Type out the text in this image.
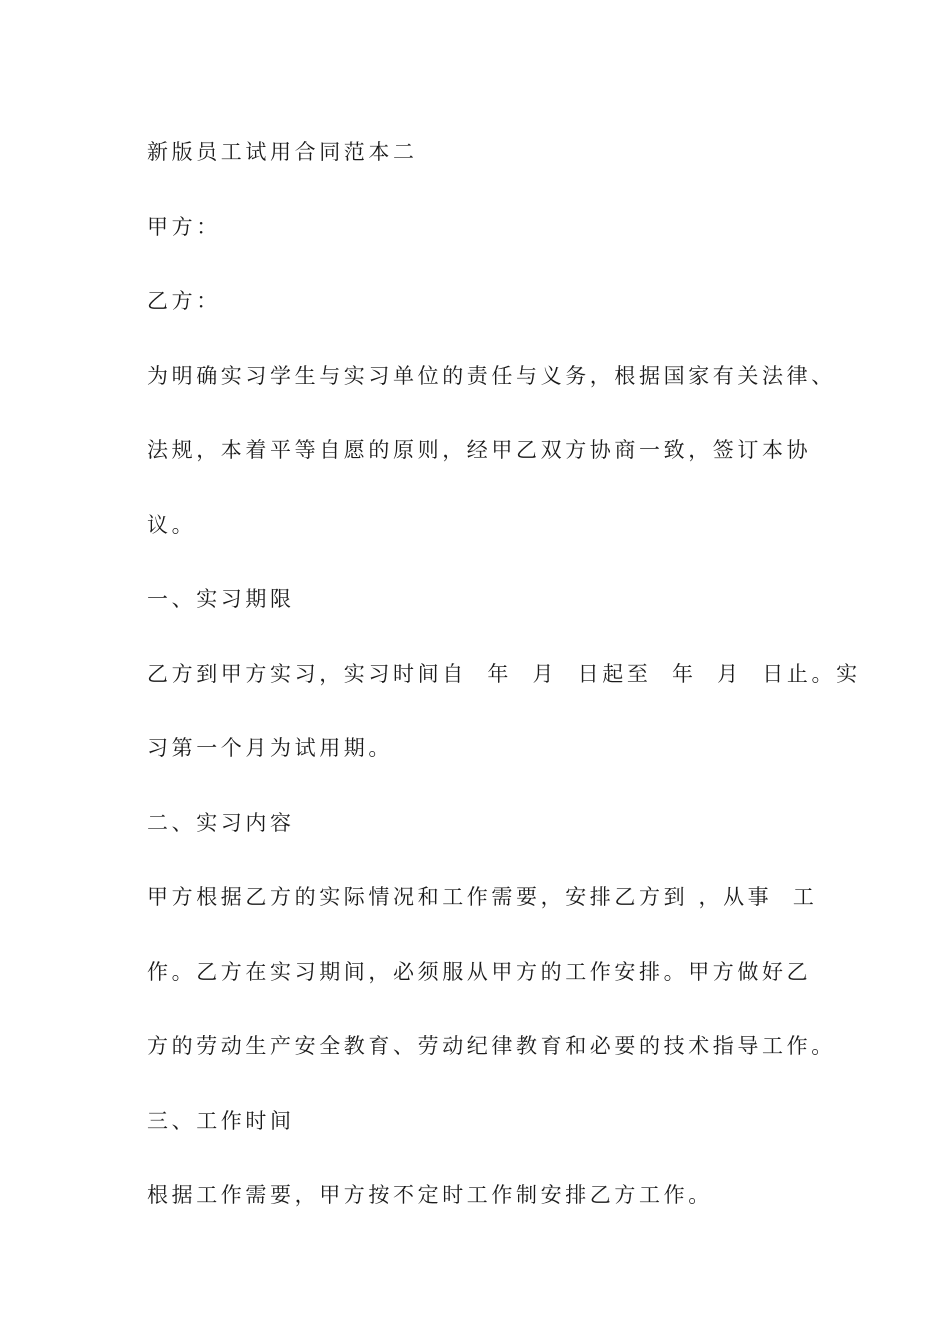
新版员工试用合同范本二

甲方：

乙方：

为明确实习学生与实习单位的责任与义务，根据国家有关法律、

法规，本着平等自愿的原则，经甲乙双方协商一致，签订本协

议。

一、实习期限

乙方到甲方实习，实习时间自  年  月  日起至  年  月  日止。实

习第一个月为试用期。

二、实习内容

甲方根据乙方的实际情况和工作需要，安排乙方到 ，从事  工

作。乙方在实习期间，必须服从甲方的工作安排。甲方做好乙

方的劳动生产安全教育、劳动纪律教育和必要的技术指导工作。

三、工作时间

根据工作需要，甲方按不定时工作制安排乙方工作。
